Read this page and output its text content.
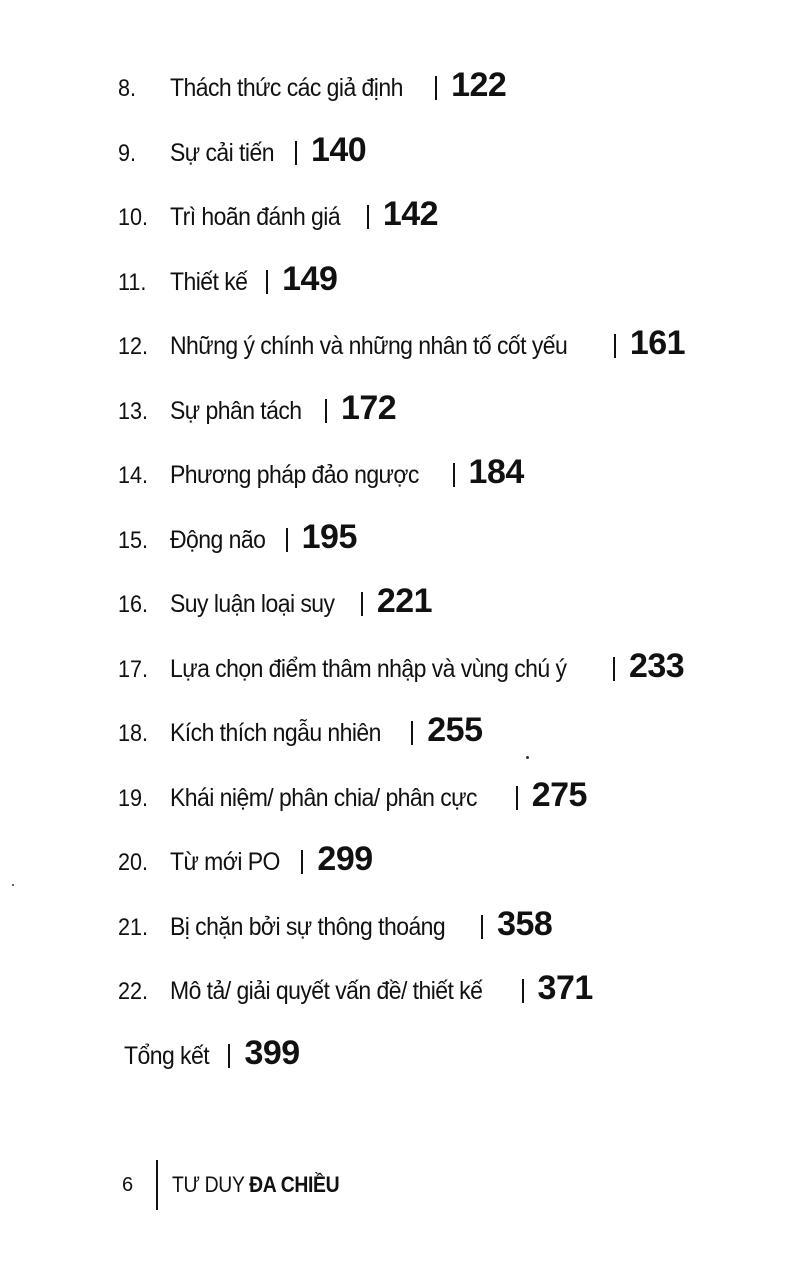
8.	Thách thức các giả định 122
9.	Sự cải tiến 140
10. Trì hoãn đánh giá 142
11. Thiết kế 149
12. Những ý chính và những nhân tố cốt yếu 161
13. Sự phân tách 172
14. Phương pháp đảo ngược 184
15. Động não 195
16. Suy luận loại suy 221
17. Lựa chọn điểm thâm nhập và vùng chú ý 233
18. Kích thích ngẫu nhiên 255
19. Khái niệm/ phân chia/ phân cực 275
20. Từ mới PO 299
21. Bị chặn bởi sự thông thoáng 358
22. Mô tả/ giải quyết vấn đề/ thiết kế 371
Tổng kết 399
6	TƯ DUY ĐA CHIỀU
